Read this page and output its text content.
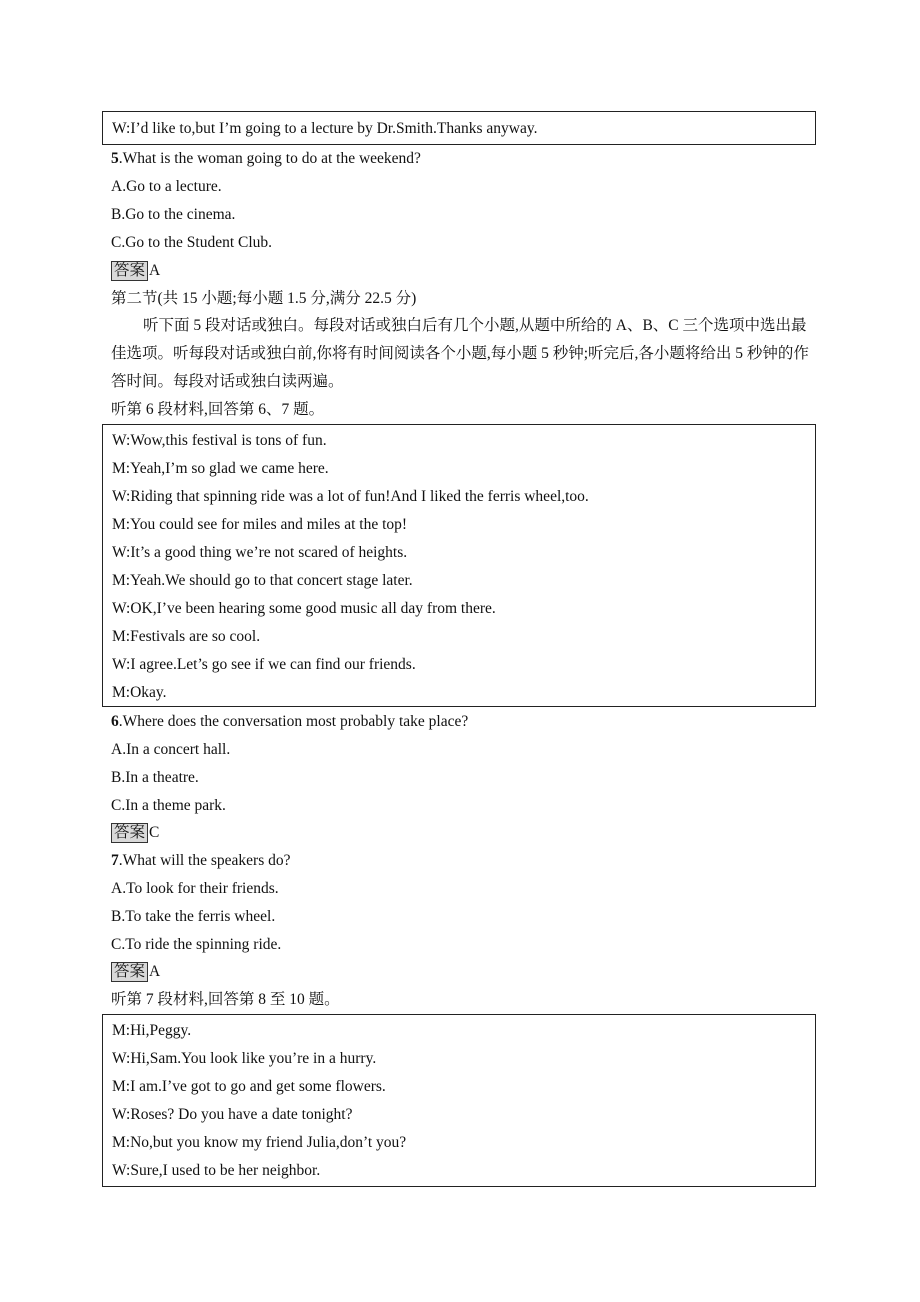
W:I’d like to,but I’m going to a lecture by Dr.Smith.Thanks anyway.
5.What is the woman going to do at the weekend?
A.Go to a lecture.
B.Go to the cinema.
C.Go to the Student Club.
答案 A
第二节(共 15 小题;每小题 1.5 分,满分 22.5 分)
听下面 5 段对话或独白。每段对话或独白后有几个小题,从题中所给的 A、B、C 三个选项中选出最佳选项。听每段对话或独白前,你将有时间阅读各个小题,每小题 5 秒钟;听完后,各小题将给出 5 秒钟的作答时间。每段对话或独白读两遍。
听第 6 段材料,回答第 6、7 题。
W:Wow,this festival is tons of fun.
M:Yeah,I’m so glad we came here.
W:Riding that spinning ride was a lot of fun!And I liked the ferris wheel,too.
M:You could see for miles and miles at the top!
W:It’s a good thing we’re not scared of heights.
M:Yeah.We should go to that concert stage later.
W:OK,I’ve been hearing some good music all day from there.
M:Festivals are so cool.
W:I agree.Let’s go see if we can find our friends.
M:Okay.
6.Where does the conversation most probably take place?
A.In a concert hall.
B.In a theatre.
C.In a theme park.
答案 C
7.What will the speakers do?
A.To look for their friends.
B.To take the ferris wheel.
C.To ride the spinning ride.
答案 A
听第 7 段材料,回答第 8 至 10 题。
M:Hi,Peggy.
W:Hi,Sam.You look like you’re in a hurry.
M:I am.I’ve got to go and get some flowers.
W:Roses? Do you have a date tonight?
M:No,but you know my friend Julia,don’t you?
W:Sure,I used to be her neighbor.
